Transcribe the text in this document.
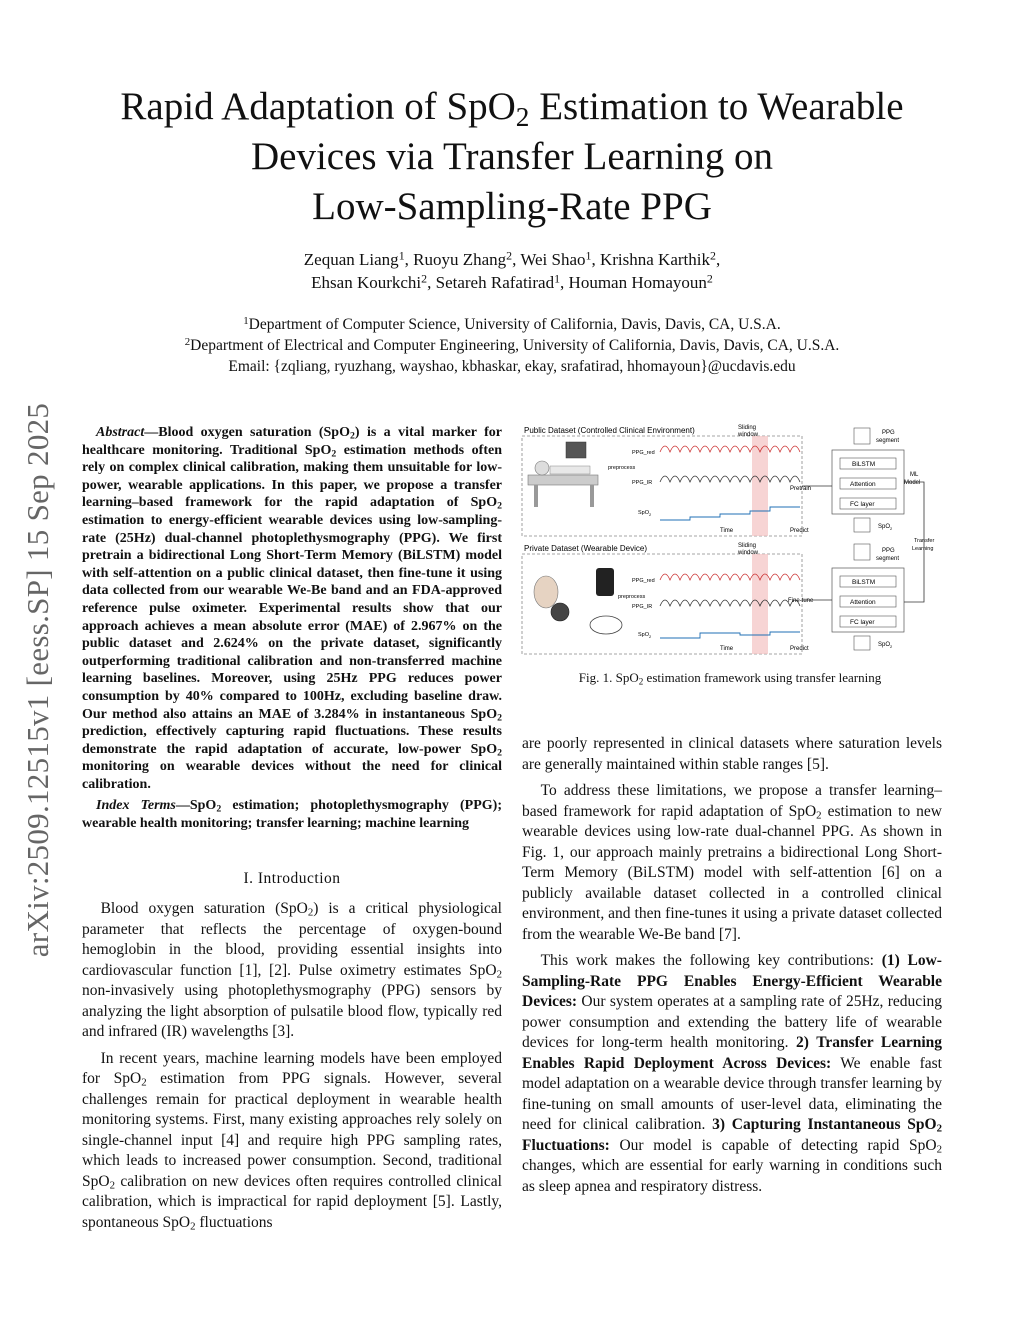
arXiv:2509.12515v1 [eess.SP] 15 Sep 2025
Rapid Adaptation of SpO$_2$ Estimation to Wearable
Devices via Transfer Learning on
Low-Sampling-Rate PPG
Zequan Liang$^1$, Ruoyu Zhang$^2$, Wei Shao$^1$, Krishna Karthik$^2$,
Ehsan Kourkchi$^2$, Setareh Rafatirad$^1$, Houman Homayoun$^2$
$^1$Department of Computer Science, University of California, Davis, Davis, CA, U.S.A.
$^2$Department of Electrical and Computer Engineering, University of California, Davis, Davis, CA, U.S.A.
Email: {zqliang, ryuzhang, wayshao, kbhaskar, ekay, srafatirad, hhomayoun}@ucdavis.edu

Abstract—Blood oxygen saturation (SpO$_2$) is a vital marker for healthcare monitoring. Traditional SpO$_2$ estimation methods often rely on complex clinical calibration, making them unsuitable for low-power, wearable applications. In this paper, we propose a transfer learning–based framework for the rapid adaptation of SpO$_2$ estimation to energy-efficient wearable devices using low-sampling-rate (25Hz) dual-channel photoplethysmography (PPG). We first pretrain a bidirectional Long Short-Term Memory (BiLSTM) model with self-attention on a public clinical dataset, then fine-tune it using data collected from our wearable We-Be band and an FDA-approved reference pulse oximeter. Experimental results show that our approach achieves a mean absolute error (MAE) of 2.967% on the public dataset and 2.624% on the private dataset, significantly outperforming traditional calibration and non-transferred machine learning baselines. Moreover, using 25Hz PPG reduces power consumption by 40% compared to 100Hz, excluding baseline draw. Our method also attains an MAE of 3.284% in instantaneous SpO$_2$ prediction, effectively capturing rapid fluctuations. These results demonstrate the rapid adaptation of accurate, low-power SpO$_2$ monitoring on wearable devices without the need for clinical calibration.

Index Terms—SpO$_2$ estimation; photoplethysmography (PPG); wearable health monitoring; transfer learning; machine learning

I. Introduction

Blood oxygen saturation (SpO$_2$) is a critical physiological parameter that reflects the percentage of oxygen-bound hemoglobin in the blood, providing essential insights into cardiovascular function [1], [2]. Pulse oximetry estimates SpO$_2$ non-invasively using photoplethysmography (PPG) sensors by analyzing the light absorption of pulsatile blood flow, typically red and infrared (IR) wavelengths [3].

In recent years, machine learning models have been employed for SpO$_2$ estimation from PPG signals. However, several challenges remain for practical deployment in wearable health monitoring systems. First, many existing approaches rely solely on single-channel input [4] and require high PPG sampling rates, which leads to increased power consumption. Second, traditional SpO$_2$ calibration on new devices often requires controlled clinical calibration, which is impractical for rapid deployment [5]. Lastly, spontaneous SpO$_2$ fluctuations

Public Dataset (Controlled Clinical Environment)	Sliding
window
preprocess
PPG_red
PPG_IR
SpO$_2$
Time	Predict
Pretrain
PPG
segment
BiLSTM
Attention
FC layer
SpO$_2$
ML
Model
Transfer
Learning
Private Dataset (Wearable Device)	Sliding
window
preprocess
PPG_red
PPG_IR
SpO$_2$
Time	Predict
Fine-tune
PPG
segment
BiLSTM
Attention
FC layer
SpO$_2$
Fig. 1. SpO$_2$ estimation framework using transfer learning

are poorly represented in clinical datasets where saturation levels are generally maintained within stable ranges [5].

To address these limitations, we propose a transfer learning–based framework for rapid adaptation of SpO$_2$ estimation to new wearable devices using low-rate dual-channel PPG. As shown in Fig. 1, our approach mainly pretrains a bidirectional Long Short-Term Memory (BiLSTM) model with self-attention [6] on a publicly available dataset collected in a controlled clinical environment, and then fine-tunes it using a private dataset collected from the wearable We-Be band [7].

This work makes the following key contributions: (1) Low-Sampling-Rate PPG Enables Energy-Efficient Wearable Devices: Our system operates at a sampling rate of 25Hz, reducing power consumption and extending the battery life of wearable devices for long-term health monitoring. 2) Transfer Learning Enables Rapid Deployment Across Devices: We enable fast model adaptation on a wearable device through transfer learning by fine-tuning on small amounts of user-level data, eliminating the need for clinical calibration. 3) Capturing Instantaneous SpO$_2$ Fluctuations: Our model is capable of detecting rapid SpO$_2$ changes, which are essential for early warning in conditions such as sleep apnea and respiratory distress.
